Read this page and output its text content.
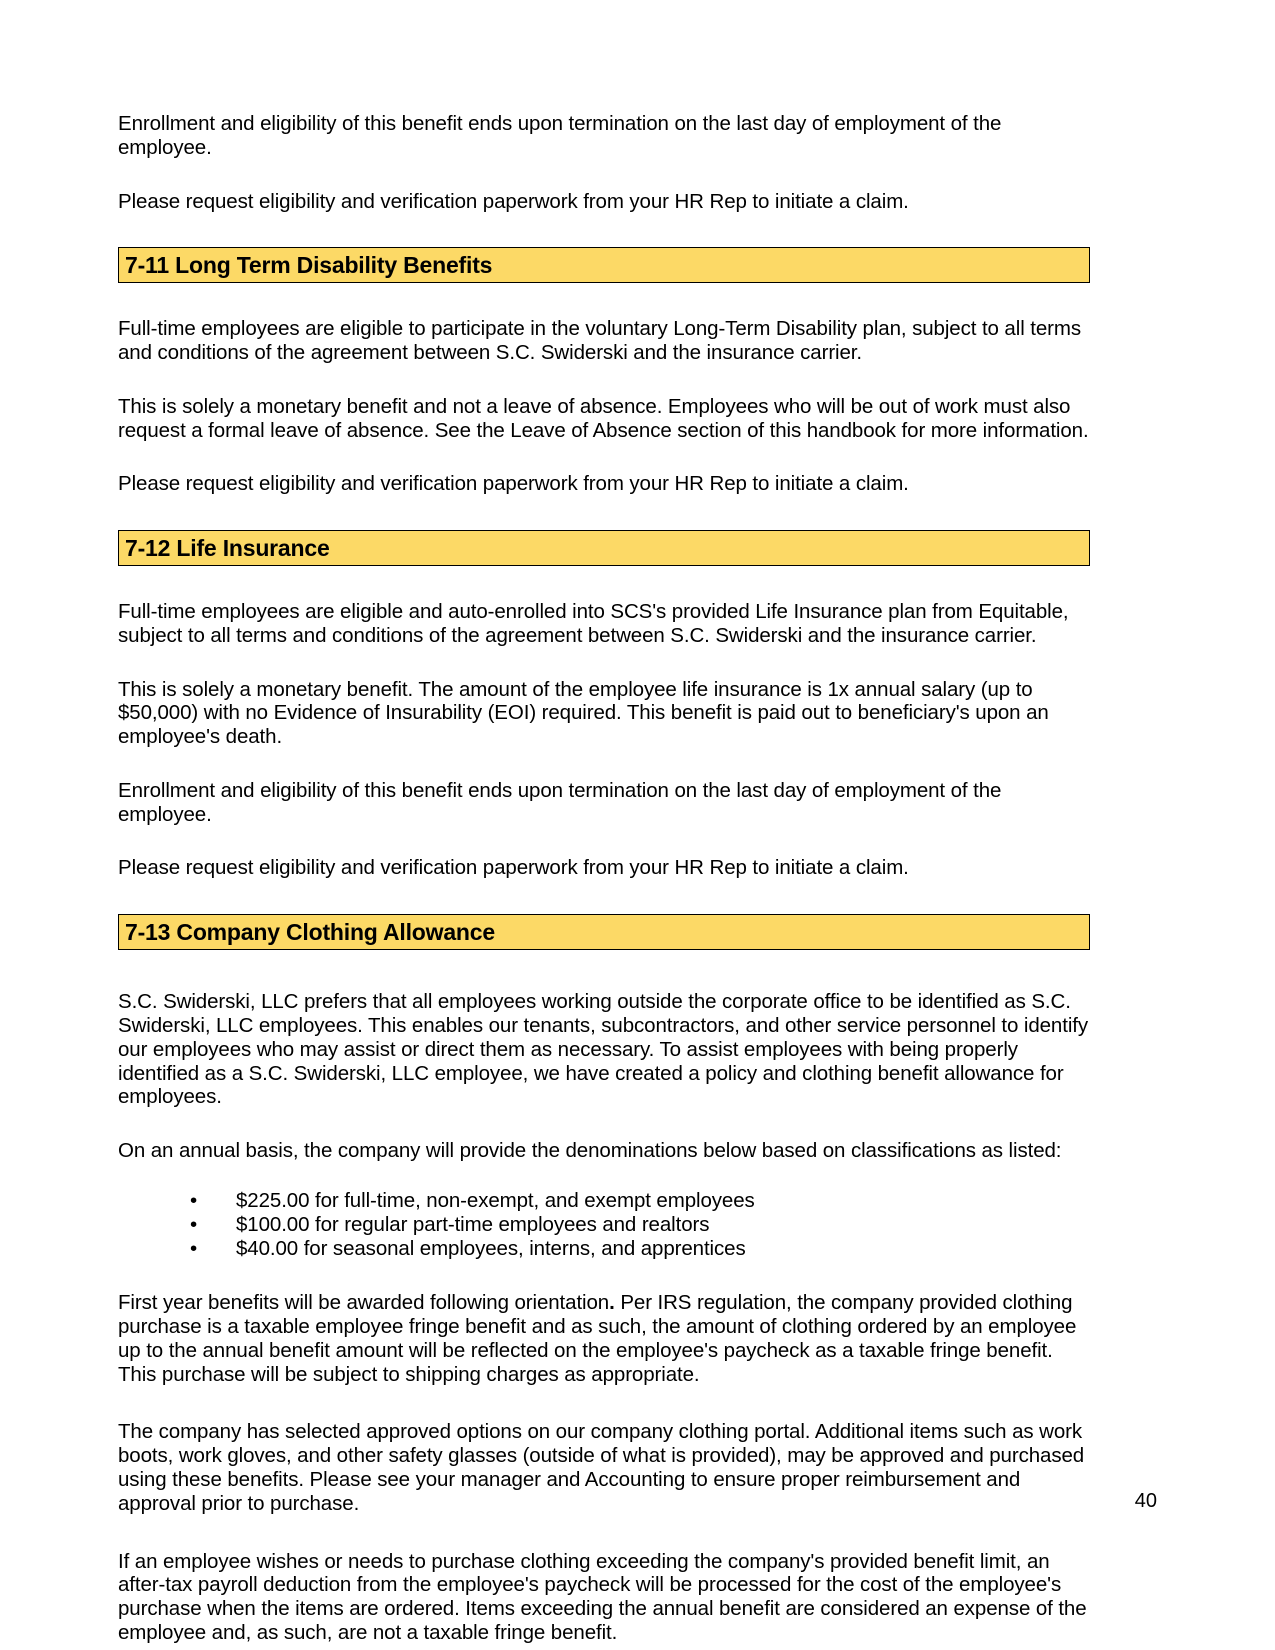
Enrollment and eligibility of this benefit ends upon termination on the last day of employment of the employee.

Please request eligibility and verification paperwork from your HR Rep to initiate a claim.

7-11 Long Term Disability Benefits

Full-time employees are eligible to participate in the voluntary Long-Term Disability plan, subject to all terms and conditions of the agreement between S.C. Swiderski and the insurance carrier.

This is solely a monetary benefit and not a leave of absence. Employees who will be out of work must also request a formal leave of absence. See the Leave of Absence section of this handbook for more information.

Please request eligibility and verification paperwork from your HR Rep to initiate a claim.

7-12 Life Insurance

Full-time employees are eligible and auto-enrolled into SCS's provided Life Insurance plan from Equitable, subject to all terms and conditions of the agreement between S.C. Swiderski and the insurance carrier.

This is solely a monetary benefit. The amount of the employee life insurance is 1x annual salary (up to $50,000) with no Evidence of Insurability (EOI) required. This benefit is paid out to beneficiary's upon an employee's death.

Enrollment and eligibility of this benefit ends upon termination on the last day of employment of the employee.

Please request eligibility and verification paperwork from your HR Rep to initiate a claim.

7-13 Company Clothing Allowance

S.C. Swiderski, LLC prefers that all employees working outside the corporate office to be identified as S.C. Swiderski, LLC employees. This enables our tenants, subcontractors, and other service personnel to identify our employees who may assist or direct them as necessary. To assist employees with being properly identified as a S.C. Swiderski, LLC employee, we have created a policy and clothing benefit allowance for employees.

On an annual basis, the company will provide the denominations below based on classifications as listed:

• $225.00 for full-time, non-exempt, and exempt employees
• $100.00 for regular part-time employees and realtors
• $40.00 for seasonal employees, interns, and apprentices

First year benefits will be awarded following orientation. Per IRS regulation, the company provided clothing purchase is a taxable employee fringe benefit and as such, the amount of clothing ordered by an employee up to the annual benefit amount will be reflected on the employee's paycheck as a taxable fringe benefit. This purchase will be subject to shipping charges as appropriate.

The company has selected approved options on our company clothing portal. Additional items such as work boots, work gloves, and other safety glasses (outside of what is provided), may be approved and purchased using these benefits. Please see your manager and Accounting to ensure proper reimbursement and approval prior to purchase.

If an employee wishes or needs to purchase clothing exceeding the company's provided benefit limit, an after-tax payroll deduction from the employee's paycheck will be processed for the cost of the employee's purchase when the items are ordered. Items exceeding the annual benefit are considered an expense of the employee and, as such, are not a taxable fringe benefit.

40
